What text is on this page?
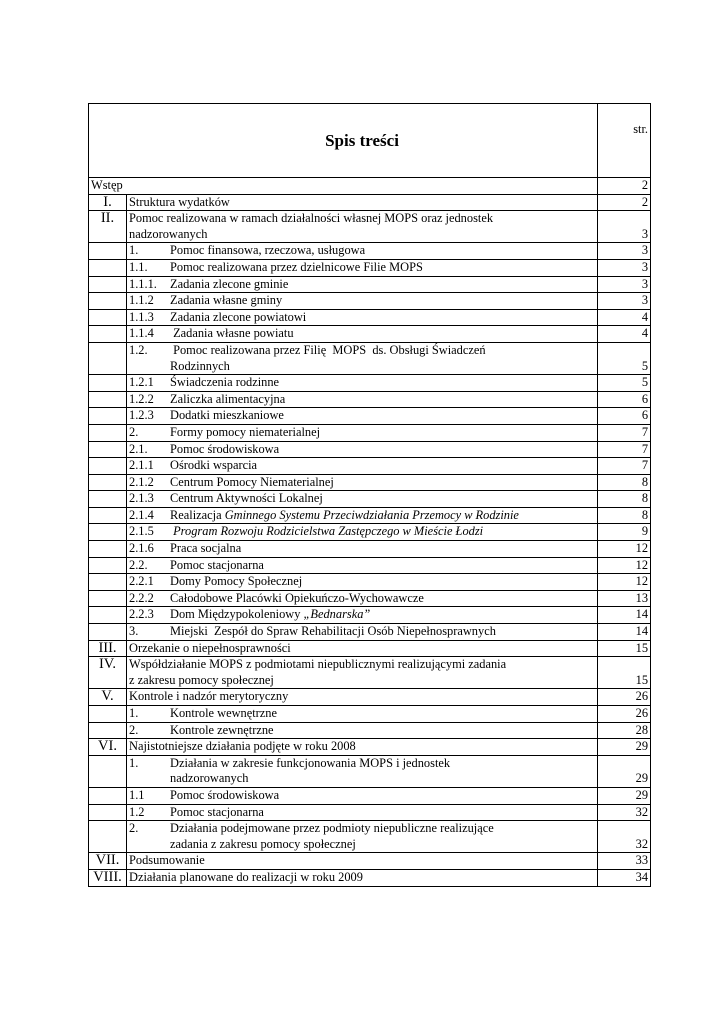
Spis treści		str.
Wstęp		2
I.	Struktura wydatków	2
II.	Pomoc realizowana w ramach działalności własnej MOPS oraz jednostek
nadzorowanych	3

	1. Pomoc finansowa, rzeczowa, usługowa	3

	1.1. Pomoc realizowana przez dzielnicowe Filie MOPS	3

	1.1.1. Zadania zlecone gminie	3

	1.1.2 Zadania własne gminy	3

	1.1.3 Zadania zlecone powiatowi	4

	1.1.4 Zadania własne powiatu	4

	1.2. Pomoc realizowana przez Filię  MOPS  ds. Obsługi Świadczeń
Rodzinnych	5

	1.2.1 Świadczenia rodzinne	5

	1.2.2 Zaliczka alimentacyjna	6

	1.2.3 Dodatki mieszkaniowe	6

	2. Formy pomocy niematerialnej	7

	2.1. Pomoc środowiskowa	7

	2.1.1 Ośrodki wsparcia	7

	2.1.2 Centrum Pomocy Niematerialnej	8

	2.1.3 Centrum Aktywności Lokalnej	8

	2.1.4 Realizacja Gminnego Systemu Przeciwdziałania Przemocy w Rodzinie	8

	2.1.5 Program Rozwoju Rodzicielstwa Zastępczego w Mieście Łodzi	9

	2.1.6 Praca socjalna	12

	2.2. Pomoc stacjonarna	12

	2.2.1 Domy Pomocy Społecznej	12

	2.2.2 Całodobowe Placówki Opiekuńczo-Wychowawcze	13

	2.2.3 Dom Międzypokoleniowy „Bednarska”	14

	3. Miejski  Zespół do Spraw Rehabilitacji Osób Niepełnosprawnych	14
III.	Orzekanie o niepełnosprawności	15
IV.	Współdziałanie MOPS z podmiotami niepublicznymi realizującymi zadania
z zakresu pomocy społecznej	15
V.	Kontrole i nadzór merytoryczny	26

	1. Kontrole wewnętrzne	26

	2. Kontrole zewnętrzne	28
VI.	Najistotniejsze działania podjęte w roku 2008	29

	1. Działania w zakresie funkcjonowania MOPS i jednostek
nadzorowanych	29

	1.1 Pomoc środowiskowa	29

	1.2 Pomoc stacjonarna	32

	2. Działania podejmowane przez podmioty niepubliczne realizujące
zadania z zakresu pomocy społecznej	32
VII.	Podsumowanie	33
VIII.	Działania planowane do realizacji w roku 2009	34
